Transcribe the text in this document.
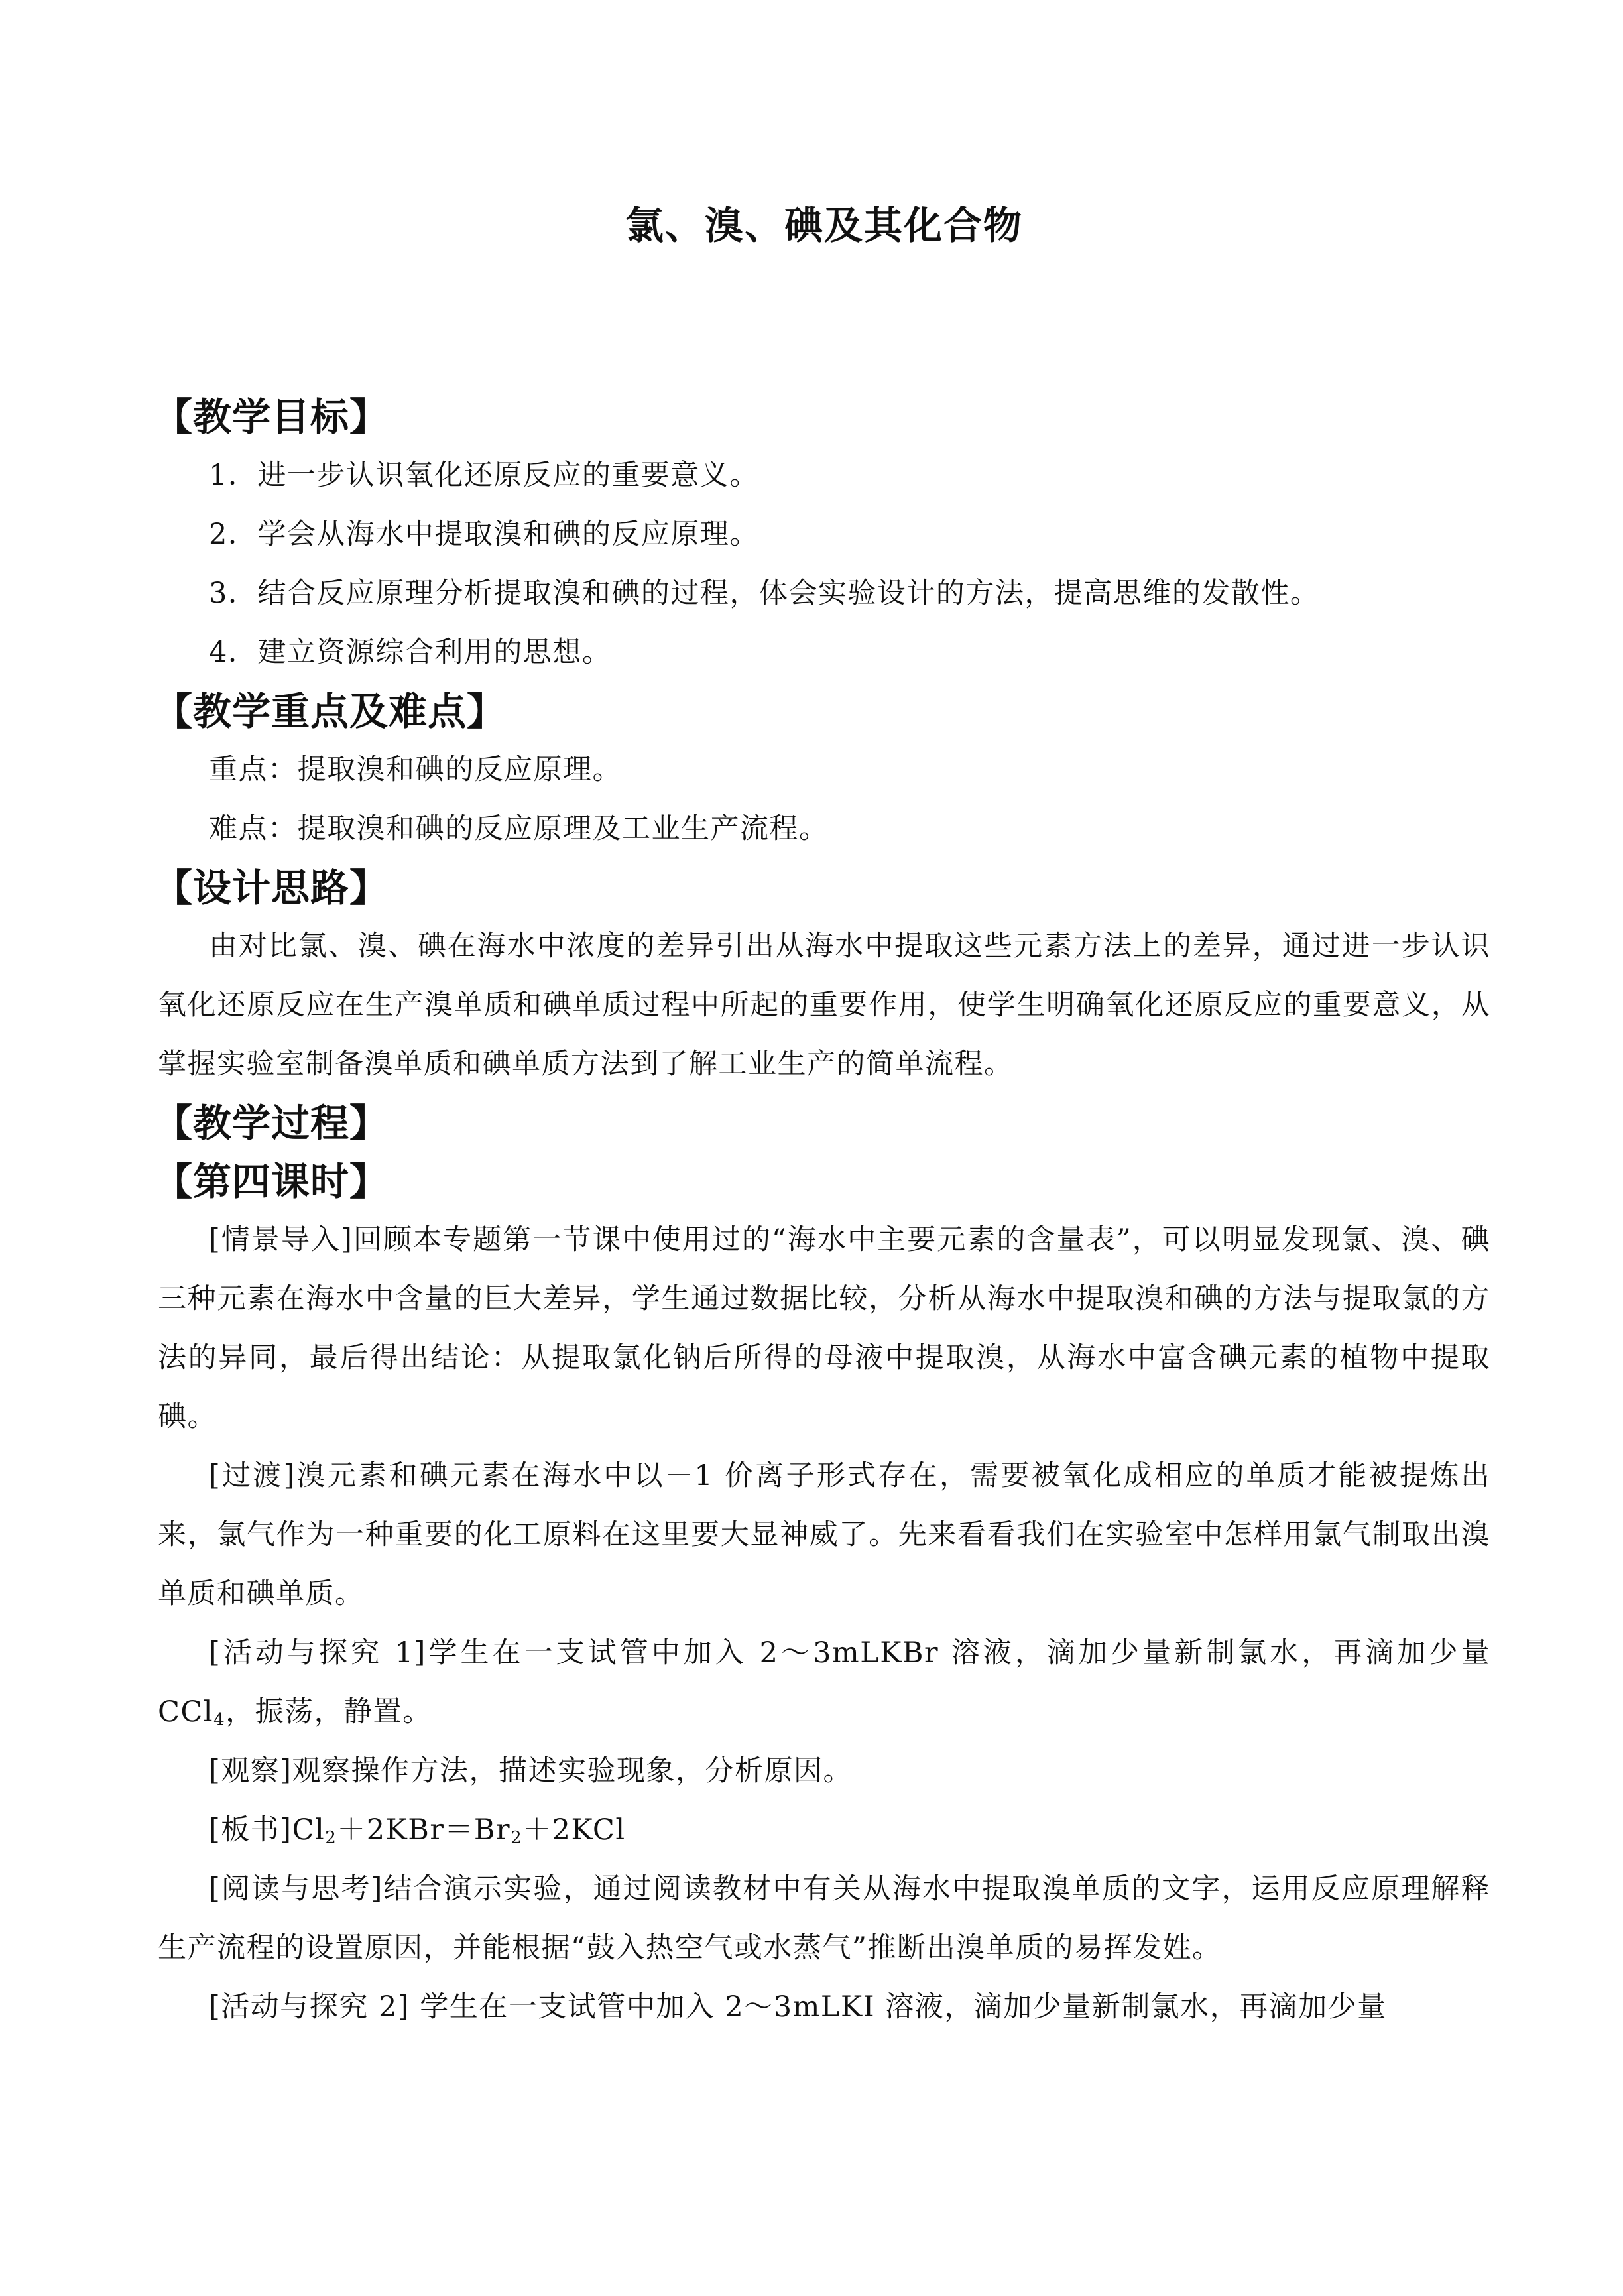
氯、溴、碘及其化合物
【教学目标】

1．进一步认识氧化还原反应的重要意义。

2．学会从海水中提取溴和碘的反应原理。

3．结合反应原理分析提取溴和碘的过程，体会实验设计的方法，提高思维的发散性。

4．建立资源综合利用的思想。

【教学重点及难点】

重点：提取溴和碘的反应原理。

难点：提取溴和碘的反应原理及工业生产流程。

【设计思路】

由对比氯、溴、碘在海水中浓度的差异引出从海水中提取这些元素方法上的差异，通过进一步认识氧化还原反应在生产溴单质和碘单质过程中所起的重要作用，使学生明确氧化还原反应的重要意义，从掌握实验室制备溴单质和碘单质方法到了解工业生产的简单流程。

【教学过程】
【第四课时】

[情景导入]回顾本专题第一节课中使用过的“海水中主要元素的含量表”，可以明显发现氯、溴、碘三种元素在海水中含量的巨大差异，学生通过数据比较，分析从海水中提取溴和碘的方法与提取氯的方法的异同，最后得出结论：从提取氯化钠后所得的母液中提取溴，从海水中富含碘元素的植物中提取碘。

[过渡]溴元素和碘元素在海水中以－1 价离子形式存在，需要被氧化成相应的单质才能被提炼出来，氯气作为一种重要的化工原料在这里要大显神威了。先来看看我们在实验室中怎样用氯气制取出溴单质和碘单质。

[活动与探究 1]学生在一支试管中加入 2～3mLKBr 溶液，滴加少量新制氯水，再滴加少量 CCl$_4$，振荡，静置。

[观察]观察操作方法，描述实验现象，分析原因。

[板书]$Cl_2+2KBr=Br_2+2KCl$

[阅读与思考]结合演示实验，通过阅读教材中有关从海水中提取溴单质的文字，运用反应原理解释生产流程的设置原因，并能根据“鼓入热空气或水蒸气”推断出溴单质的易挥发姓。

[活动与探究 2] 学生在一支试管中加入 2～3mLKI 溶液，滴加少量新制氯水，再滴加少量
